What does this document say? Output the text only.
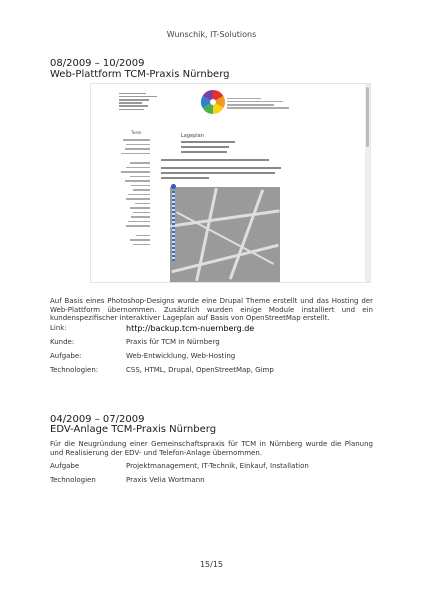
Wunschik, IT-Solutions
08/2009 – 10/2009
Web-Plattform TCM-Praxis Nürnberg
Team
Lageplan
Auf Basis eines Photoshop-Designs wurde eine Drupal Theme erstellt und das Hosting der Web-Plattform übernommen. Zusätzlich wurden einige Module installiert und ein kundenspezifischer interaktiver Lageplan auf Basis von OpenStreetMap erstellt.
Link:	http://backup.tcm-nuernberg.de
Kunde:	Praxis für TCM in Nürnberg
Aufgabe:	Web-Entwicklung, Web-Hosting
Technologien:	CSS, HTML, Drupal, OpenStreetMap, Gimp
04/2009 – 07/2009
EDV-Anlage TCM-Praxis Nürnberg
Für die Neugründung einer Gemeinschaftspraxis für TCM in Nürnberg wurde die Planung und Realisierung der EDV- und Telefon-Anlage übernommen.
Aufgabe	Projektmanagement, IT-Technik, Einkauf, Installation
Technologien	Praxis Velia Wortmann
15/15
